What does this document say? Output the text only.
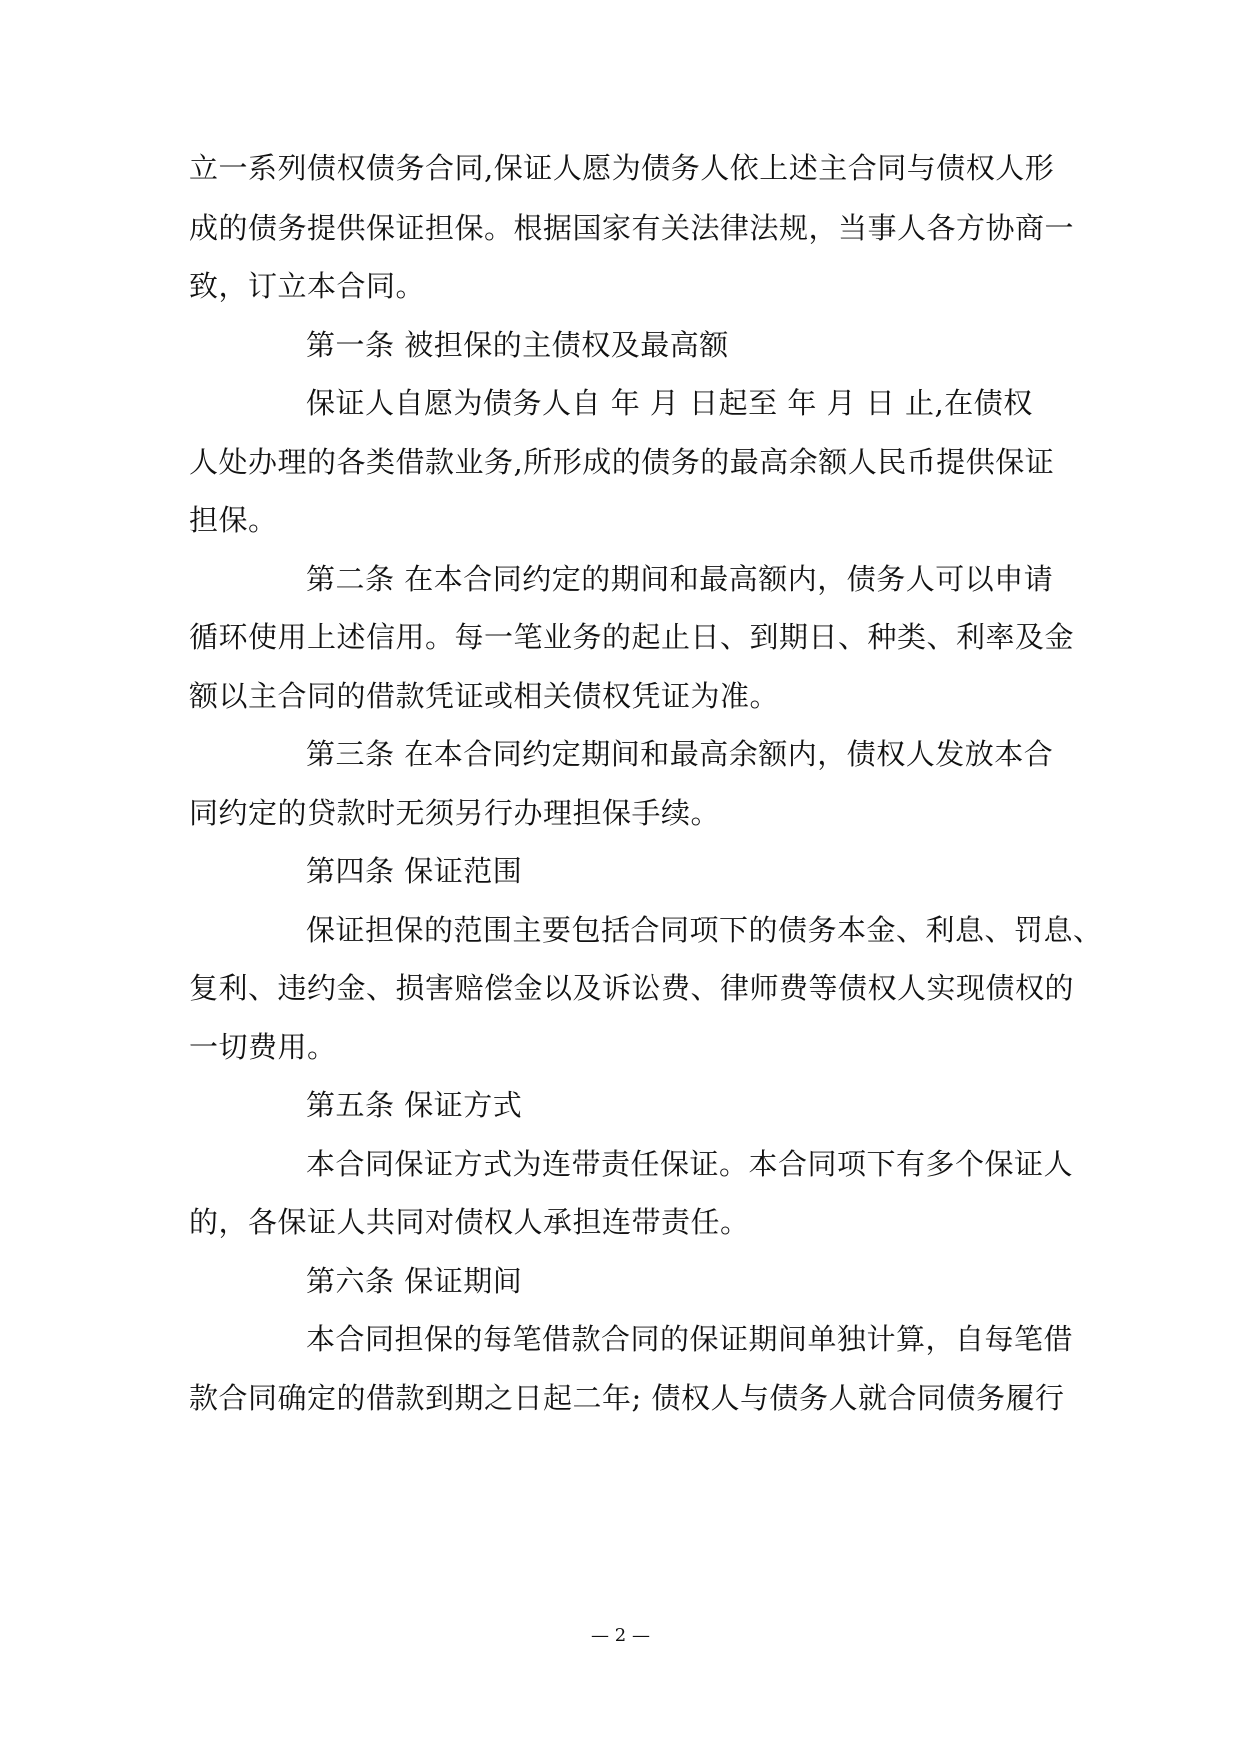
立一系列债权债务合同,保证人愿为债务人依上述主合同与债权人形
成的债务提供保证担保。根据国家有关法律法规，当事人各方协商一
致，订立本合同。
第一条 被担保的主债权及最高额
保证人自愿为债务人自 年 月 日起至 年 月 日 止,在债权
人处办理的各类借款业务,所形成的债务的最高余额人民币提供保证
担保。
第二条 在本合同约定的期间和最高额内，债务人可以申请
循环使用上述信用。每一笔业务的起止日、到期日、种类、利率及金
额以主合同的借款凭证或相关债权凭证为准。
第三条 在本合同约定期间和最高余额内，债权人发放本合
同约定的贷款时无须另行办理担保手续。
第四条 保证范围
保证担保的范围主要包括合同项下的债务本金、利息、罚息、
复利、违约金、损害赔偿金以及诉讼费、律师费等债权人实现债权的
一切费用。
第五条 保证方式
本合同保证方式为连带责任保证。本合同项下有多个保证人
的，各保证人共同对债权人承担连带责任。
第六条 保证期间
本合同担保的每笔借款合同的保证期间单独计算，自每笔借
款合同确定的借款到期之日起二年; 债权人与债务人就合同债务履行
— 2 —
